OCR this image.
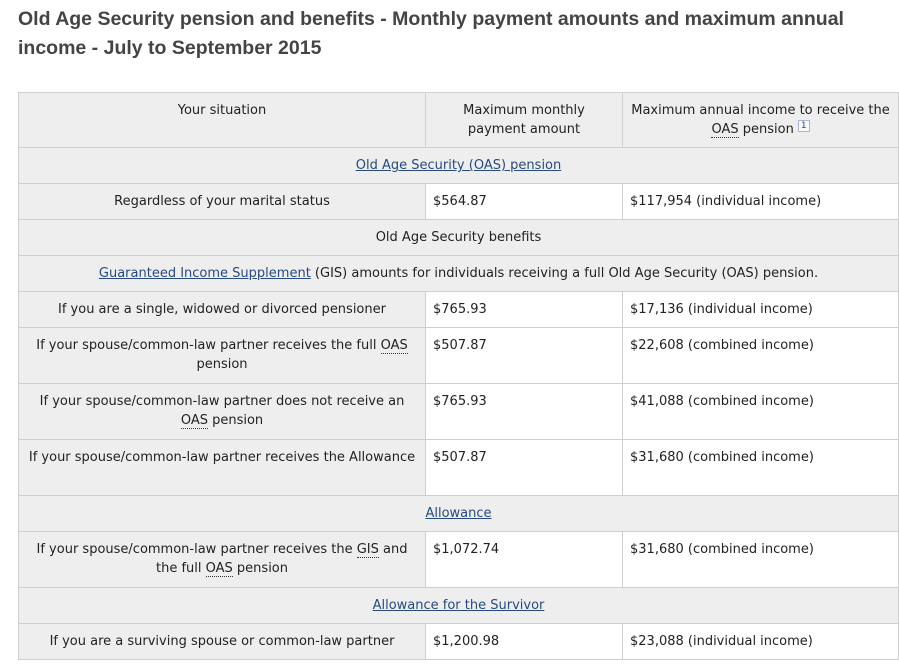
Old Age Security pension and benefits - Monthly payment amounts and maximum annual income - July to September 2015
Your situation	Maximum monthly payment amount	Maximum annual income to receive the OAS pension $^1$
Old Age Security (OAS) pension		
Regardless of your marital status	$564.87	$117,954 (individual income)
Old Age Security benefits		
Guaranteed Income Supplement (GIS) amounts for individuals receiving a full Old Age Security (OAS) pension.		
If you are a single, widowed or divorced pensioner	$765.93	$17,136 (individual income)
If your spouse/common-law partner receives the full OAS pension	$507.87	$22,608 (combined income)
If your spouse/common-law partner does not receive an OAS pension	$765.93	$41,088 (combined income)
If your spouse/common-law partner receives the Allowance	$507.87	$31,680 (combined income)
Allowance		
If your spouse/common-law partner receives the GIS and the full OAS pension	$1,072.74	$31,680 (combined income)
Allowance for the Survivor		
If you are a surviving spouse or common-law partner	$1,200.98	$23,088 (individual income)
